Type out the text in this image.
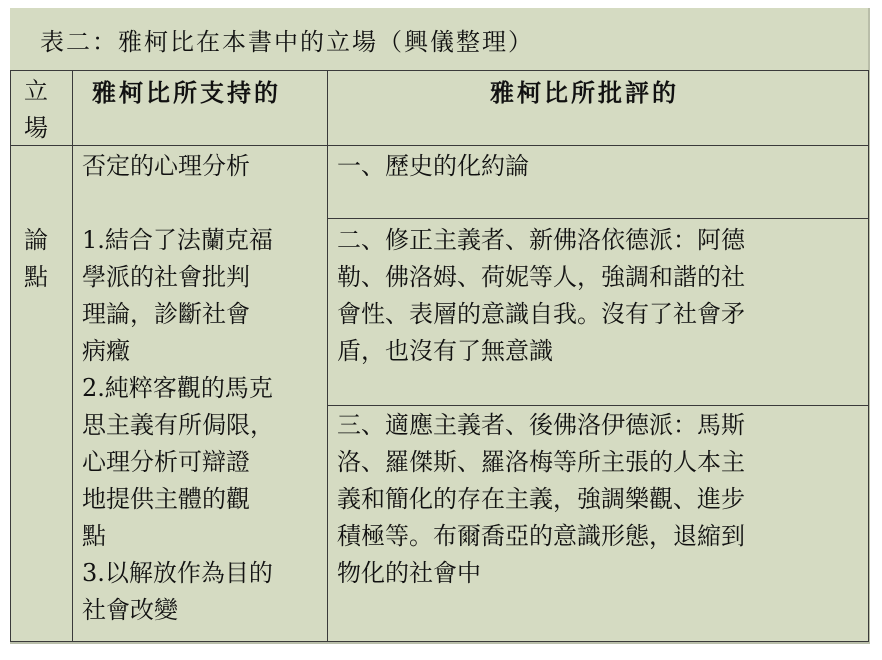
表二：雅柯比在本書中的立場（興儀整理）
立
場
雅柯比所支持的	雅柯比所批評的
論
點
否定的心理分析
1.結合了法蘭克福
學派的社會批判
理論，診斷社會
病癥
2.純粹客觀的馬克
思主義有所侷限，
心理分析可辯證
地提供主體的觀
點
3.以解放作為目的
社會改變
一、歷史的化約論
二、修正主義者、新佛洛依德派：阿德
勒、佛洛姆、荷妮等人，強調和諧的社
會性、表層的意識自我。沒有了社會矛
盾，也沒有了無意識
三、適應主義者、後佛洛伊德派：馬斯
洛、羅傑斯、羅洛梅等所主張的人本主
義和簡化的存在主義，強調樂觀、進步
積極等。布爾喬亞的意識形態，退縮到
物化的社會中
